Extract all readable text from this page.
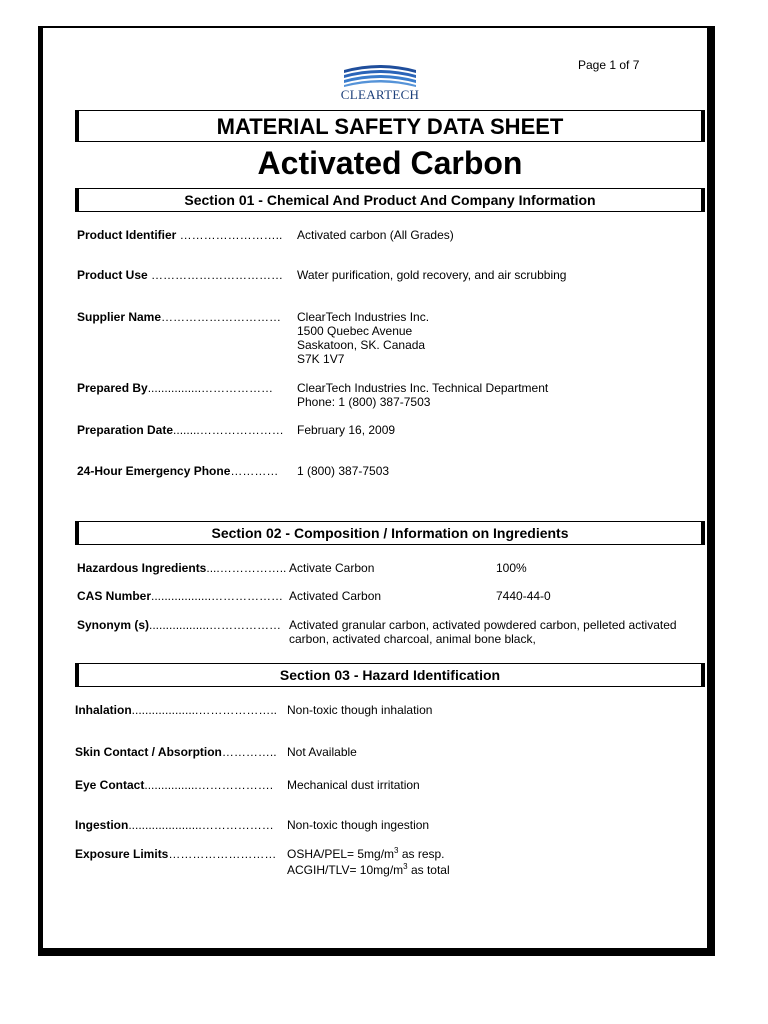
Page 1 of 7
CLEARTECH
MATERIAL SAFETY DATA SHEET
Activated Carbon
Section 01 - Chemical And Product And Company Information
Product Identifier …………………….. Activated carbon (All Grades)
Product Use …………………………… Water purification, gold recovery, and air scrubbing
Supplier Name………………………… ClearTech Industries Inc.
1500 Quebec Avenue
Saskatoon, SK. Canada
S7K 1V7
Prepared By................……………… ClearTech Industries Inc. Technical Department
Phone: 1 (800) 387-7503
Preparation Date........………………… February 16, 2009
24-Hour Emergency Phone………… 1 (800) 387-7503
Section 02 - Composition / Information on Ingredients
Hazardous Ingredients....…………….. Activate Carbon	100%
CAS Number..................……………… Activated Carbon	7440-44-0
Synonym (s)..................……………… Activated granular carbon, activated powdered carbon, pelleted activated
carbon, activated charcoal, animal bone black,
Section 03 - Hazard Identification
Inhalation....................……………….. Non-toxic though inhalation
Skin Contact / Absorption………….. Not Available
Eye Contact................………………. Mechanical dust irritation
Ingestion......................……………… Non-toxic though ingestion
Exposure Limits……………………… OSHA/PEL= $5mg/m^3$ as resp.
ACGIH/TLV= $10mg/m^3$ as total
